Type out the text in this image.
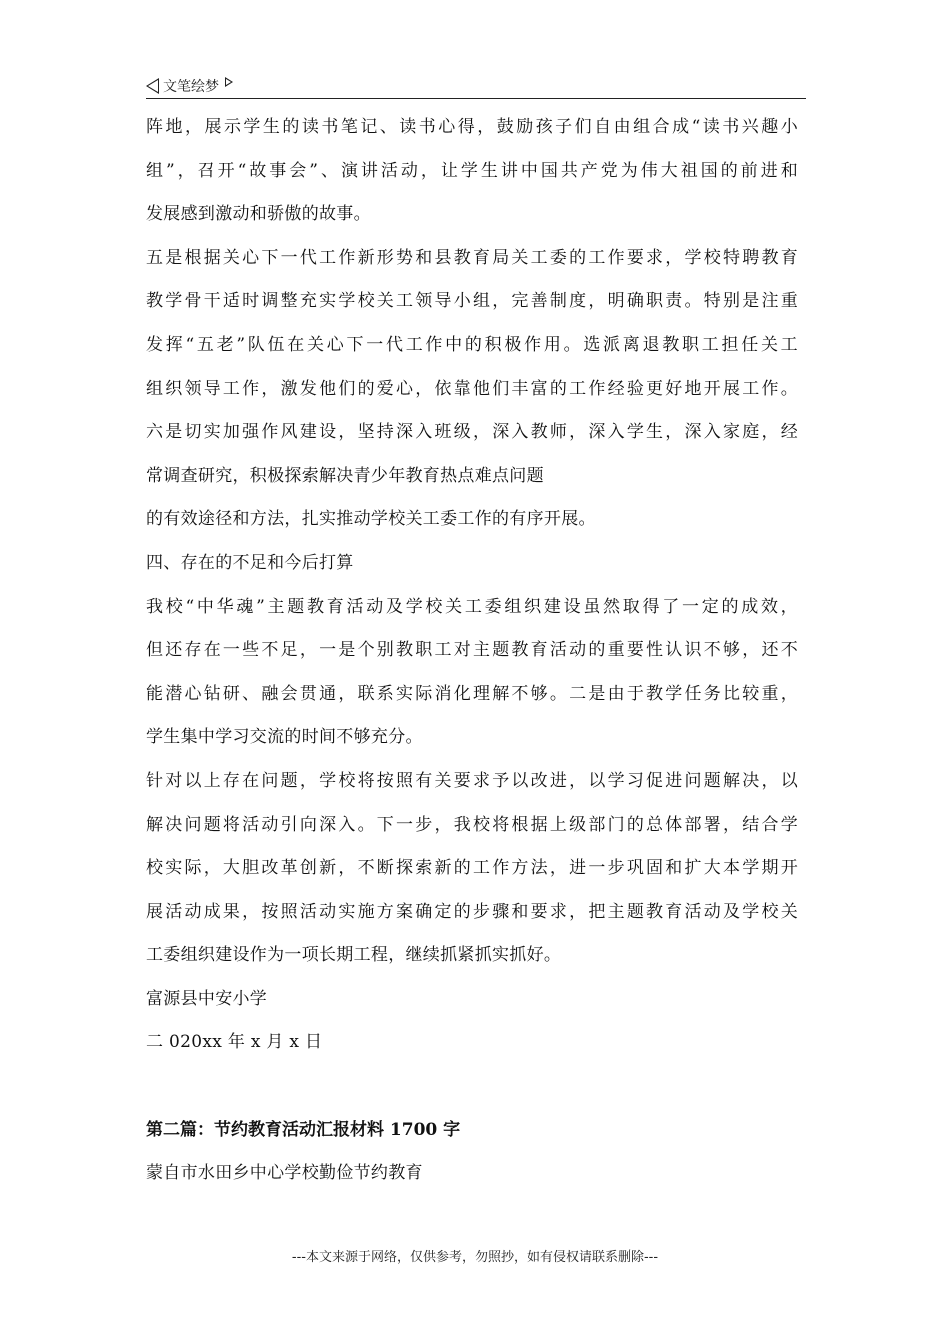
文笔绘梦
阵地，展示学生的读书笔记、读书心得，鼓励孩子们自由组合成“读书兴趣小
组”，召开“故事会”、演讲活动，让学生讲中国共产党为伟大祖国的前进和
发展感到激动和骄傲的故事。
五是根据关心下一代工作新形势和县教育局关工委的工作要求，学校特聘教育
教学骨干适时调整充实学校关工领导小组，完善制度，明确职责。特别是注重
发挥“五老”队伍在关心下一代工作中的积极作用。选派离退教职工担任关工
组织领导工作，激发他们的爱心，依靠他们丰富的工作经验更好地开展工作。
六是切实加强作风建设，坚持深入班级，深入教师，深入学生，深入家庭，经
常调查研究，积极探索解决青少年教育热点难点问题
的有效途径和方法，扎实推动学校关工委工作的有序开展。
四、存在的不足和今后打算
我校“中华魂”主题教育活动及学校关工委组织建设虽然取得了一定的成效，
但还存在一些不足，一是个别教职工对主题教育活动的重要性认识不够，还不
能潜心钻研、融会贯通，联系实际消化理解不够。二是由于教学任务比较重，
学生集中学习交流的时间不够充分。
针对以上存在问题，学校将按照有关要求予以改进，以学习促进问题解决，以
解决问题将活动引向深入。下一步，我校将根据上级部门的总体部署，结合学
校实际，大胆改革创新，不断探索新的工作方法，进一步巩固和扩大本学期开
展活动成果，按照活动实施方案确定的步骤和要求，把主题教育活动及学校关
工委组织建设作为一项长期工程，继续抓紧抓实抓好。
富源县中安小学
二 020xx 年 x 月 x 日
第二篇：节约教育活动汇报材料 1700 字
蒙自市水田乡中心学校勤俭节约教育
---本文来源于网络，仅供参考，勿照抄，如有侵权请联系删除---
